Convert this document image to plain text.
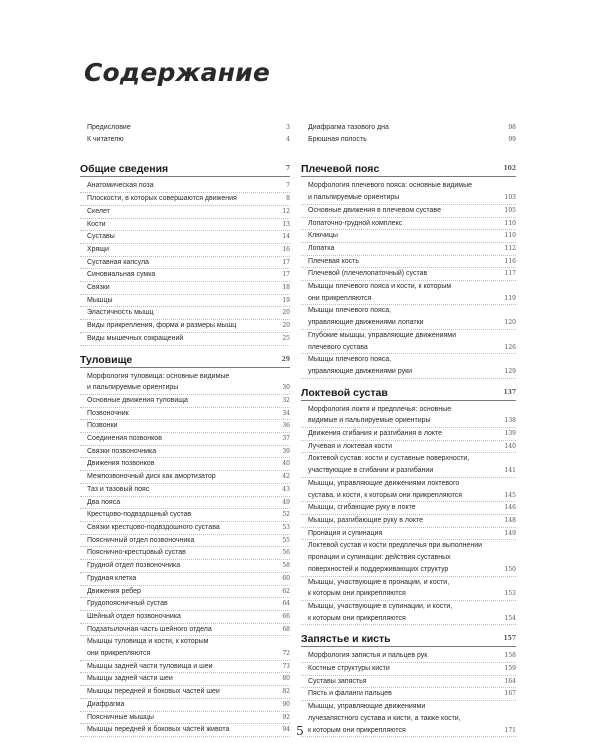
Содержание
Предисловие	3
К читателю	4
Общие сведения	7
Анатомическая поза	7
Плоскости, в которых совершаются движения	8
Скелет	12
Кости	13
Суставы	14
Хрящи	16
Суставная капсула	17
Синовиальная сумка	17
Связки	18
Мышцы	19
Эластичность мышц	20
Виды прикрепления, форма и размеры мышц	20
Виды мышечных сокращений	25
Туловище	29
Морфология туловища: основные видимые
и пальпируемые ориентиры	30
Основные движения туловища	32
Позвоночник	34
Позвонки	36
Соединения позвонков	37
Связки позвоночника	39
Движения позвонков	40
Межпозвоночный диск как амортизатор	42
Таз и тазовый пояс	43
Два пояса	49
Крестцово-подвздошный сустав	52
Связки крестцово-подвздошного сустава	53
Поясничный отдел позвоночника	55
Пояснично-крестцовый сустав	56
Грудной отдел позвоночника	58
Грудная клетка	60
Движения ребер	62
Грудопоясничный сустав	64
Шейный отдел позвоночника	66
Подзатылочная часть шейного отдела	68
Мышцы туловища и кости, к которым
они прикрепляются	72
Мышцы задней части туловища и шеи	73
Мышцы задней части шеи	80
Мышцы передней и боковых частей шеи	82
Диафрагма	90
Поясничные мышцы	92
Мышцы передней и боковых частей живота	94
Диафрагма тазового дна	98
Брюшная полость	99
Плечевой пояс	102
Морфология плечевого пояса: основные видимые
и пальпируемые ориентиры	103
Основные движения в плечевом суставе	105
Лопаточно-грудной комплекс	110
Ключицы	110
Лопатка	112
Плечевая кость	116
Плечевой (плечелопаточный) сустав	117
Мышцы плечевого пояса и кости, к которым
они прикрепляются	119
Мышцы плечевого пояса,
управляющие движениями лопатки	120
Глубокие мышцы, управляющие движениями
плечевого сустава	126
Мышцы плечевого пояса,
управляющие движениями руки	129
Локтевой сустав	137
Морфология локтя и предплечья: основные
видимые и пальпируемые ориентиры	138
Движения сгибания и разгибания в локте	139
Лучевая и локтевая кости	140
Локтевой сустав: кости и суставные поверхности,
участвующие в сгибании и разгибании	141
Мышцы, управляющие движениями локтевого
сустава, и кости, к которым они прикрепляются	145
Мышцы, сгибающие руку в локте	146
Мышцы, разгибающие руку в локте	148
Пронация и супинация	149
Локтевой сустав и кости предплечья при выполнении
пронации и супинации: действия суставных
поверхностей и поддерживающих структур	150
Мышцы, участвующие в пронации, и кости,
к которым они прикрепляются	153
Мышцы, участвующие в супинации, и кости,
к которым они прикрепляются	154
Запястье и кисть	157
Морфология запястья и пальцев рук	158
Костные структуры кисти	159
Суставы запястья	164
Пясть и фаланги пальцев	167
Мышцы, управляющие движениями
лучезапястного сустава и кисти, а также кости,
к которым они прикрепляются	171
5
